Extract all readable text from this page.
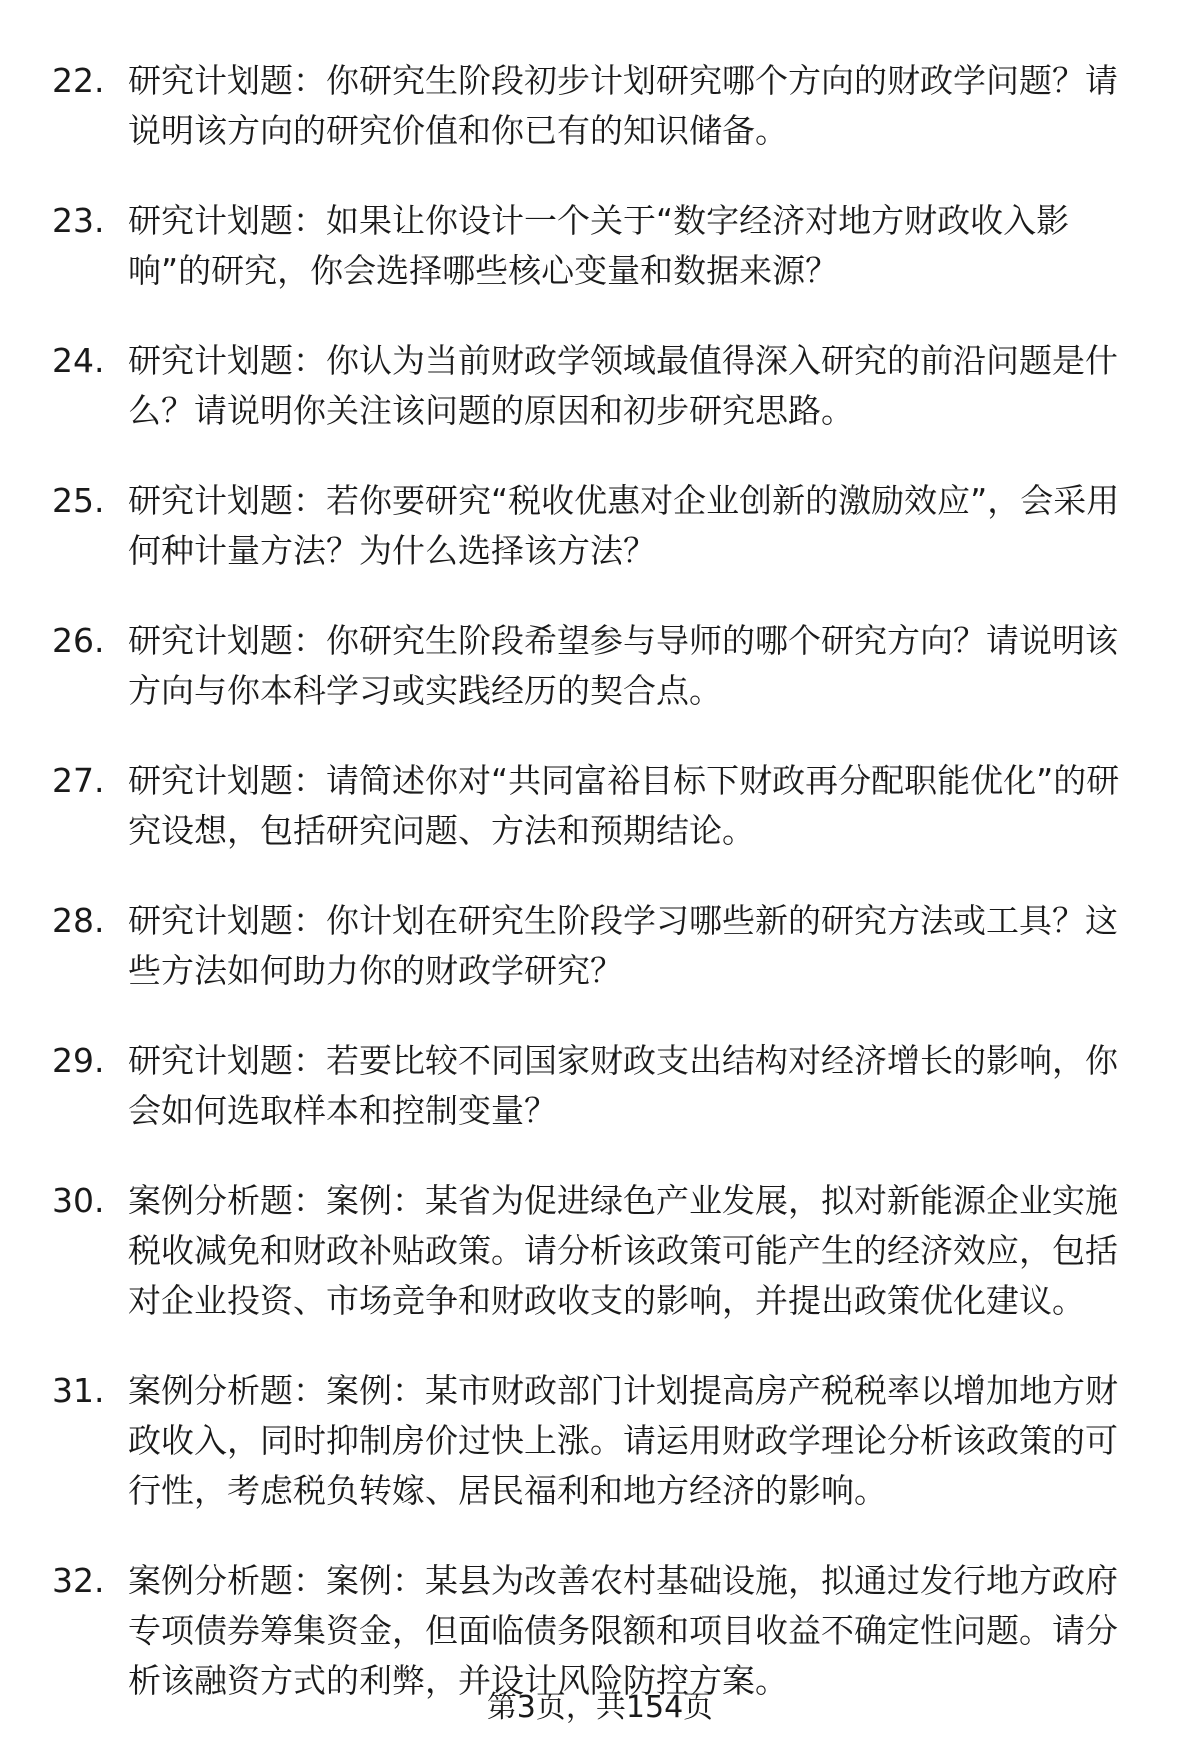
22. 研究计划题：你研究生阶段初步计划研究哪个方向的财政学问题？请说明该方向的研究价值和你已有的知识储备。
23. 研究计划题：如果让你设计一个关于“数字经济对地方财政收入影响”的研究，你会选择哪些核心变量和数据来源？
24. 研究计划题：你认为当前财政学领域最值得深入研究的前沿问题是什么？请说明你关注该问题的原因和初步研究思路。
25. 研究计划题：若你要研究“税收优惠对企业创新的激励效应”，会采用何种计量方法？为什么选择该方法？
26. 研究计划题：你研究生阶段希望参与导师的哪个研究方向？请说明该方向与你本科学习或实践经历的契合点。
27. 研究计划题：请简述你对“共同富裕目标下财政再分配职能优化”的研究设想，包括研究问题、方法和预期结论。
28. 研究计划题：你计划在研究生阶段学习哪些新的研究方法或工具？这些方法如何助力你的财政学研究？
29. 研究计划题：若要比较不同国家财政支出结构对经济增长的影响，你会如何选取样本和控制变量？
30. 案例分析题：案例：某省为促进绿色产业发展，拟对新能源企业实施税收减免和财政补贴政策。请分析该政策可能产生的经济效应，包括对企业投资、市场竞争和财政收支的影响，并提出政策优化建议。
31. 案例分析题：案例：某市财政部门计划提高房产税税率以增加地方财政收入，同时抑制房价过快上涨。请运用财政学理论分析该政策的可行性，考虑税负转嫁、居民福利和地方经济的影响。
32. 案例分析题：案例：某县为改善农村基础设施，拟通过发行地方政府专项债券筹集资金，但面临债务限额和项目收益不确定性问题。请分析该融资方式的利弊，并设计风险防控方案。
第3页，共154页
